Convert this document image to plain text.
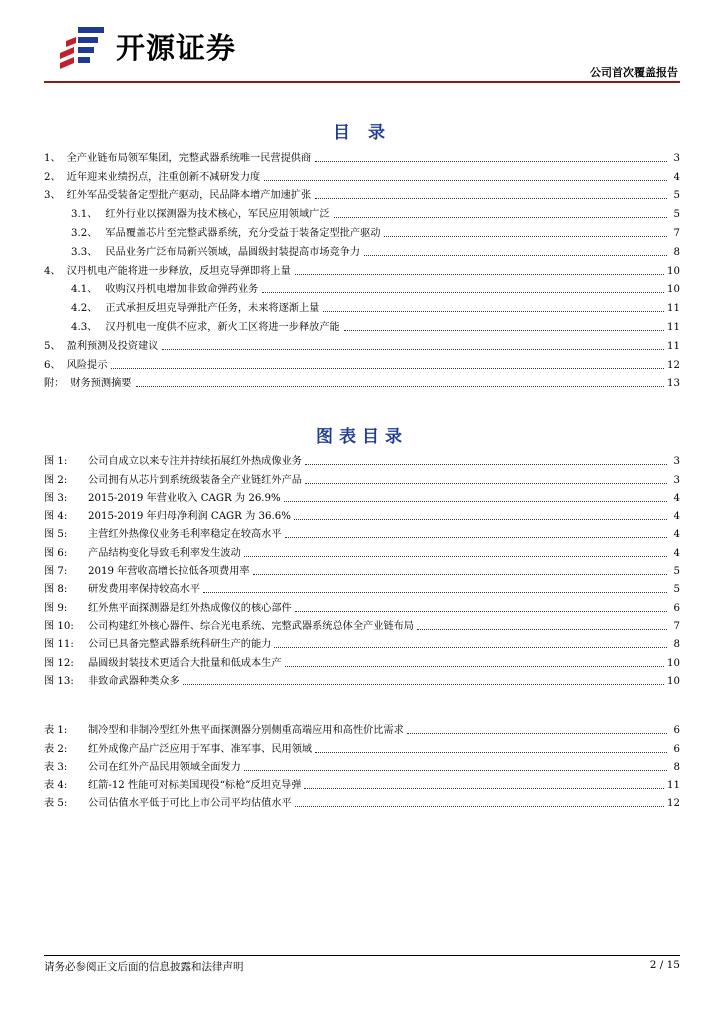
开源证券
公司首次覆盖报告
目 录
1、 全产业链布局领军集团，完整武器系统唯一民营提供商	3
2、 近年迎来业绩拐点，注重创新不减研发力度	4
3、 红外军品受装备定型批产驱动，民品降本增产加速扩张	5
3.1、 红外行业以探测器为技术核心，军民应用领域广泛	5
3.2、 军品覆盖芯片至完整武器系统，充分受益于装备定型批产驱动	7
3.3、 民品业务广泛布局新兴领域，晶圆级封装提高市场竞争力	8
4、 汉丹机电产能将进一步释放，反坦克导弹即将上量	10
4.1、 收购汉丹机电增加非致命弹药业务	10
4.2、 正式承担反坦克导弹批产任务，未来将逐渐上量	11
4.3、 汉丹机电一度供不应求，新火工区将进一步释放产能	11
5、 盈利预测及投资建议	11
6、 风险提示	12
附： 财务预测摘要	13
图表目录
图 1:	公司自成立以来专注并持续拓展红外热成像业务	3
图 2:	公司拥有从芯片到系统级装备全产业链红外产品	3
图 3:	2015-2019 年营业收入 CAGR 为 26.9%	4
图 4:	2015-2019 年归母净利润 CAGR 为 36.6%	4
图 5:	主营红外热像仪业务毛利率稳定在较高水平	4
图 6:	产品结构变化导致毛利率发生波动	4
图 7:	2019 年营收高增长拉低各项费用率	5
图 8:	研发费用率保持较高水平	5
图 9:	红外焦平面探测器是红外热成像仪的核心部件	6
图 10:	公司构建红外核心器件、综合光电系统、完整武器系统总体全产业链布局	7
图 11:	公司已具备完整武器系统科研生产的能力	8
图 12:	晶圆级封装技术更适合大批量和低成本生产	10
图 13:	非致命武器种类众多	10
表 1:	制冷型和非制冷型红外焦平面探测器分别侧重高端应用和高性价比需求	6
表 2:	红外成像产品广泛应用于军事、准军事、民用领域	6
表 3:	公司在红外产品民用领域全面发力	8
表 4:	红箭-12 性能可对标美国现役“标枪”反坦克导弹	11
表 5:	公司估值水平低于可比上市公司平均估值水平	12
请务必参阅正文后面的信息披露和法律声明	2 / 15
